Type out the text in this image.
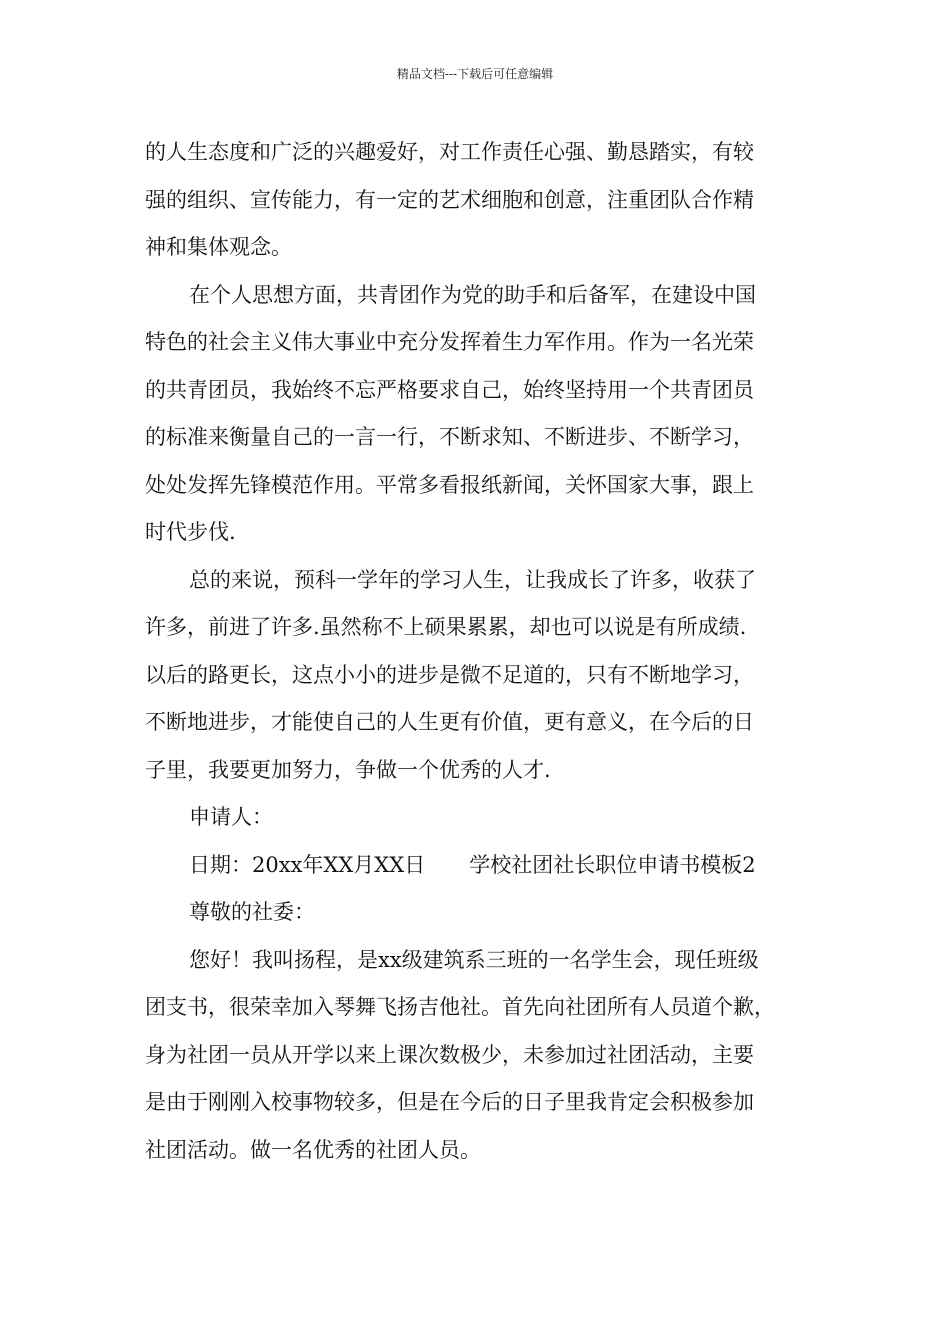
精品文档---下载后可任意编辑
的人生态度和广泛的兴趣爱好，对工作责任心强、勤恳踏实，有较
强的组织、宣传能力，有一定的艺术细胞和创意，注重团队合作精
神和集体观念。
在个人思想方面，共青团作为党的助手和后备军，在建设中国
特色的社会主义伟大事业中充分发挥着生力军作用。作为一名光荣
的共青团员，我始终不忘严格要求自己，始终坚持用一个共青团员
的标准来衡量自己的一言一行，不断求知、不断进步、不断学习，
处处发挥先锋模范作用。平常多看报纸新闻，关怀国家大事，跟上
时代步伐.
总的来说，预科一学年的学习人生，让我成长了许多，收获了
许多，前进了许多.虽然称不上硕果累累，却也可以说是有所成绩.
以后的路更长，这点小小的进步是微不足道的，只有不断地学习，
不断地进步，才能使自己的人生更有价值，更有意义，在今后的日
子里，我要更加努力，争做一个优秀的人才.
申请人：
日期：20xx年XX月XX日 学校社团社长职位申请书模板2
尊敬的社委：
您好！我叫扬程，是xx级建筑系三班的一名学生会，现任班级
团支书，很荣幸加入琴舞飞扬吉他社。首先向社团所有人员道个歉，
身为社团一员从开学以来上课次数极少，未参加过社团活动，主要
是由于刚刚入校事物较多，但是在今后的日子里我肯定会积极参加
社团活动。做一名优秀的社团人员。
